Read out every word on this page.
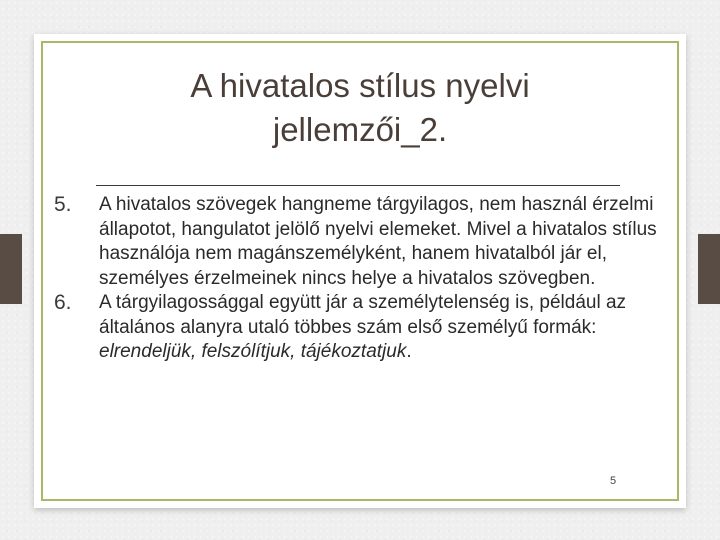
A hivatalos stílus nyelvi
jellemzői_2.
5. A hivatalos szövegek hangneme tárgyilagos, nem használ érzelmi állapotot, hangulatot jelölő nyelvi elemeket. Mivel a hivatalos stílus használója nem magánszemélyként, hanem hivatalból jár el, személyes érzelmeinek nincs helye a hivatalos szövegben.
6. A tárgyilagossággal együtt jár a személytelenség is, például az általános alanyra utaló többes szám első személyű formák: elrendeljük, felszólítjuk, tájékoztatjuk.
5
